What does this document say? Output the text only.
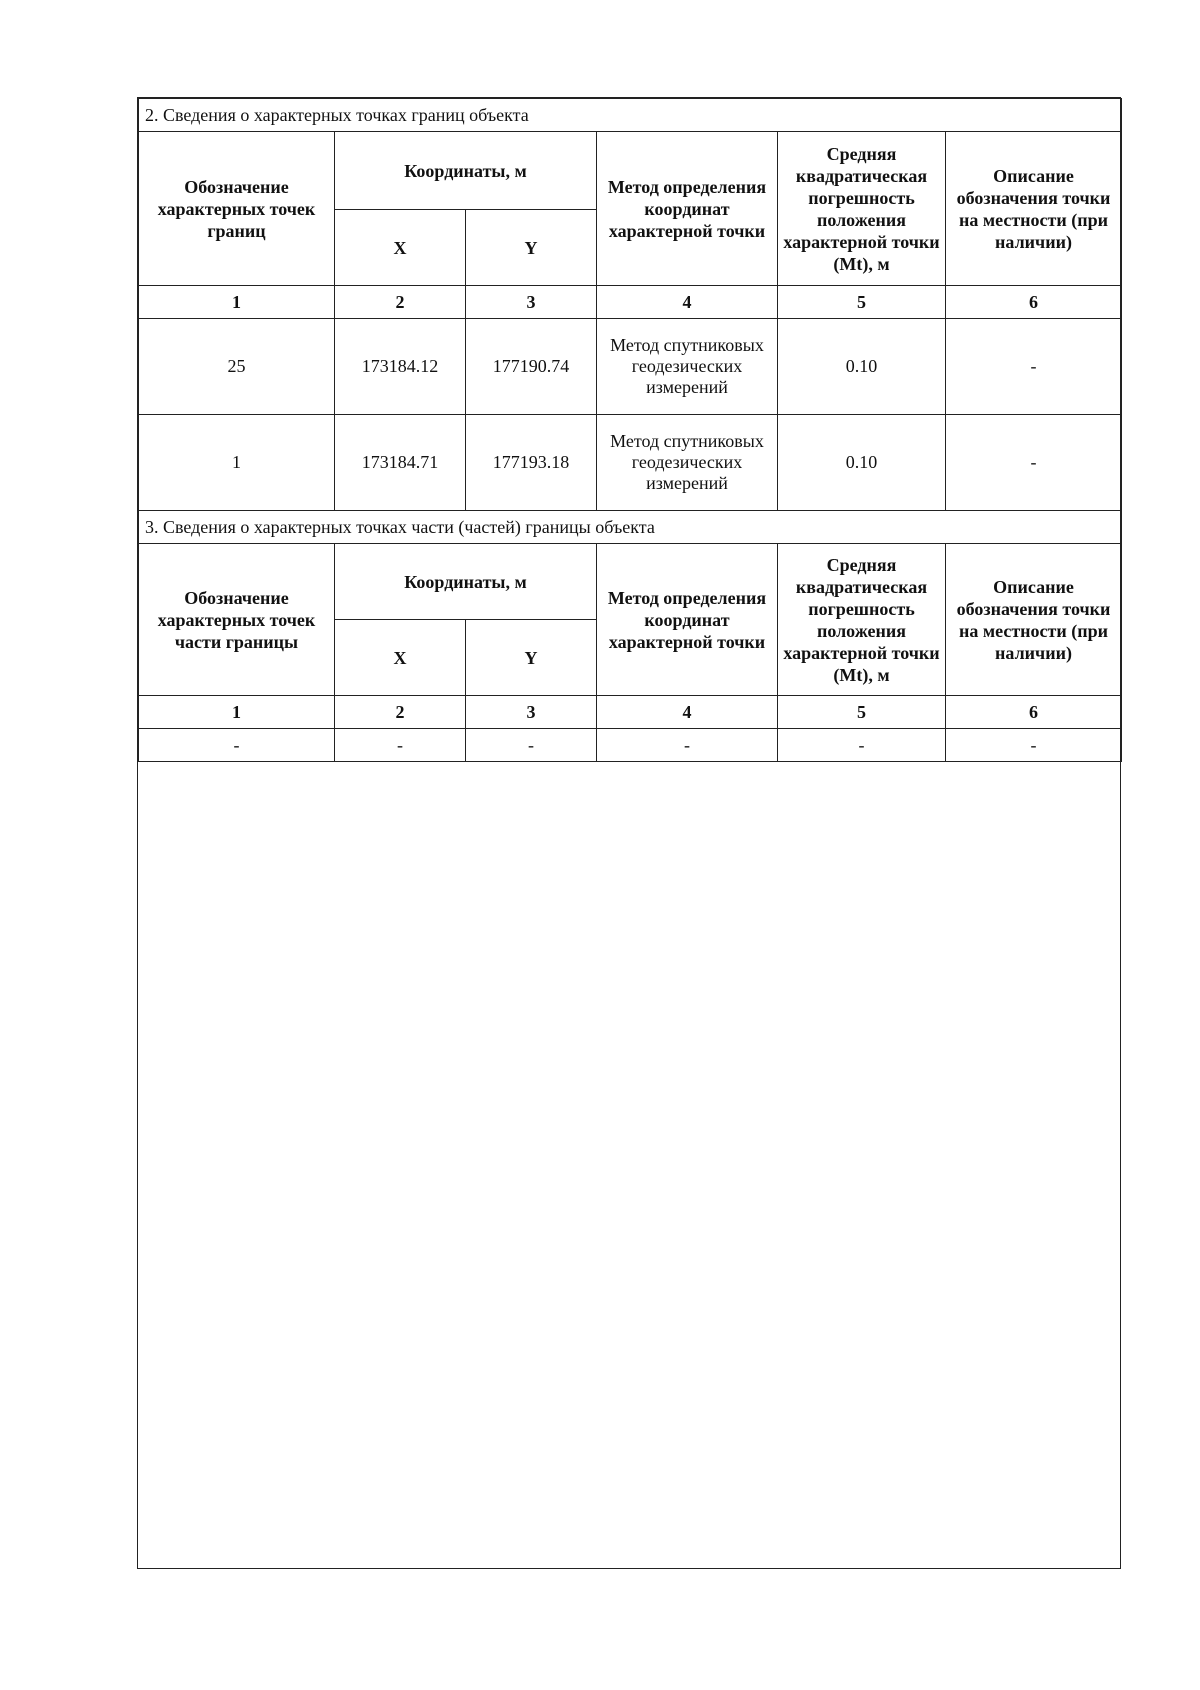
2. Сведения о характерных точках границ объекта					
Обозначение характерных точек границ	Координаты, м		Метод определения координат характерной точки	Средняя квадратическая погрешность положения характерной точки (Mt), м	Описание обозначения точки на местности (при наличии)
	X	Y			
1	2	3	4	5	6
25	173184.12	177190.74	Метод спутниковых геодезических измерений	0.10	-
1	173184.71	177193.18	Метод спутниковых геодезических измерений	0.10	-
3. Сведения о характерных точках части (частей) границы объекта					
Обозначение характерных точек части границы	Координаты, м		Метод определения координат характерной точки	Средняя квадратическая погрешность положения характерной точки (Mt), м	Описание обозначения точки на местности (при наличии)
	X	Y			
1	2	3	4	5	6
-	-	-	-	-	-
